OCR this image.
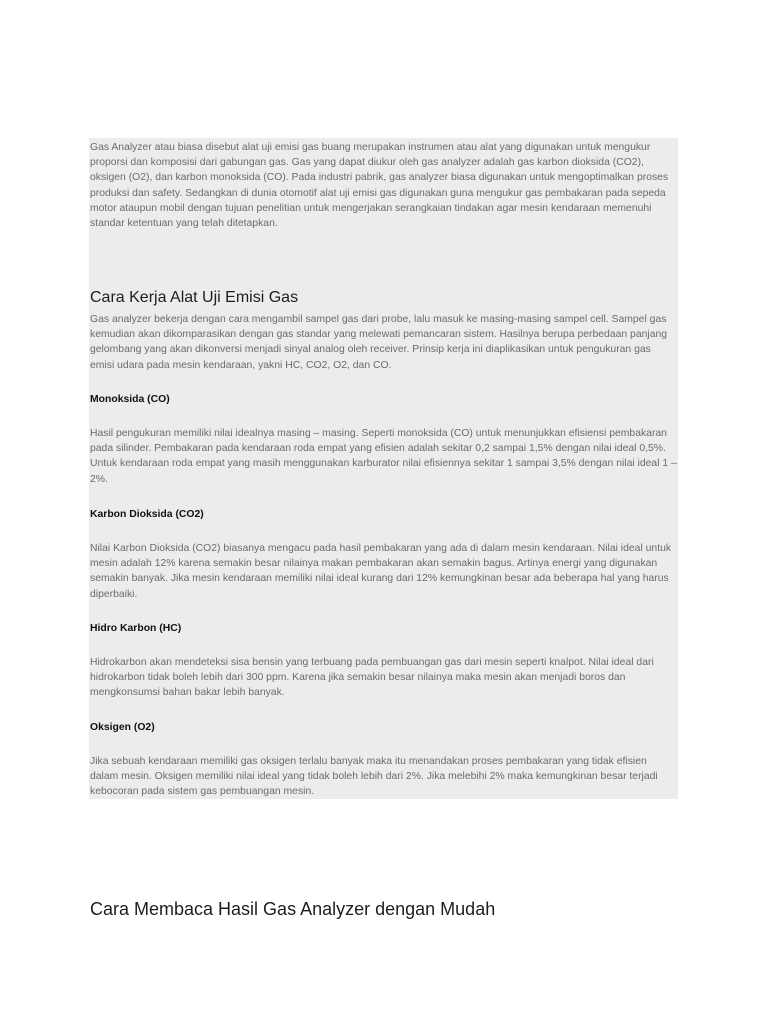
Gas Analyzer atau biasa disebut alat uji emisi gas buang merupakan instrumen atau alat yang digunakan untuk mengukur proporsi dan komposisi dari gabungan gas. Gas yang dapat diukur oleh gas analyzer adalah gas karbon dioksida (CO2), oksigen (O2), dan karbon monoksida (CO). Pada industri pabrik, gas analyzer biasa digunakan untuk mengoptimalkan proses produksi dan safety. Sedangkan di dunia otomotif alat uji emisi gas digunakan guna mengukur gas pembakaran pada sepeda motor ataupun mobil dengan tujuan penelitian untuk mengerjakan serangkaian tindakan agar mesin kendaraan memenuhi standar ketentuan yang telah ditetapkan.

Cara Kerja Alat Uji Emisi Gas

Gas analyzer bekerja dengan cara mengambil sampel gas dari probe, lalu masuk ke masing-masing sampel cell. Sampel gas kemudian akan dikomparasikan dengan gas standar yang melewati pemancaran sistem. Hasilnya berupa perbedaan panjang gelombang yang akan dikonversi menjadi sinyal analog oleh receiver. Prinsip kerja ini diaplikasikan untuk pengukuran gas emisi udara pada mesin kendaraan, yakni HC, CO2, O2, dan CO.

Monoksida (CO)

Hasil pengukuran memiliki nilai idealnya masing – masing. Seperti monoksida (CO) untuk menunjukkan efisiensi pembakaran pada silinder. Pembakaran pada kendaraan roda empat yang efisien adalah sekitar 0,2 sampai 1,5% dengan nilai ideal 0,5%. Untuk kendaraan roda empat yang masih menggunakan karburator nilai efisiennya sekitar 1 sampai 3,5% dengan nilai ideal 1 – 2%.

Karbon Dioksida (CO2)

Nilai Karbon Dioksida (CO2) biasanya mengacu pada hasil pembakaran yang ada di dalam mesin kendaraan. Nilai ideal untuk mesin adalah 12% karena semakin besar nilainya makan pembakaran akan semakin bagus. Artinya energi yang digunakan semakin banyak. Jika mesin kendaraan memiliki nilai ideal kurang dari 12% kemungkinan besar ada beberapa hal yang harus diperbaiki.

Hidro Karbon (HC)

Hidrokarbon akan mendeteksi sisa bensin yang terbuang pada pembuangan gas dari mesin seperti knalpot. Nilai ideal dari hidrokarbon tidak boleh lebih dari 300 ppm. Karena jika semakin besar nilainya maka mesin akan menjadi boros dan mengkonsumsi bahan bakar lebih banyak.

Oksigen (O2)

Jika sebuah kendaraan memiliki gas oksigen terlalu banyak maka itu menandakan proses pembakaran yang tidak efisien dalam mesin. Oksigen memiliki nilai ideal yang tidak boleh lebih dari 2%. Jika melebihi 2% maka kemungkinan besar terjadi kebocoran pada sistem gas pembuangan mesin.

Cara Membaca Hasil Gas Analyzer dengan Mudah
